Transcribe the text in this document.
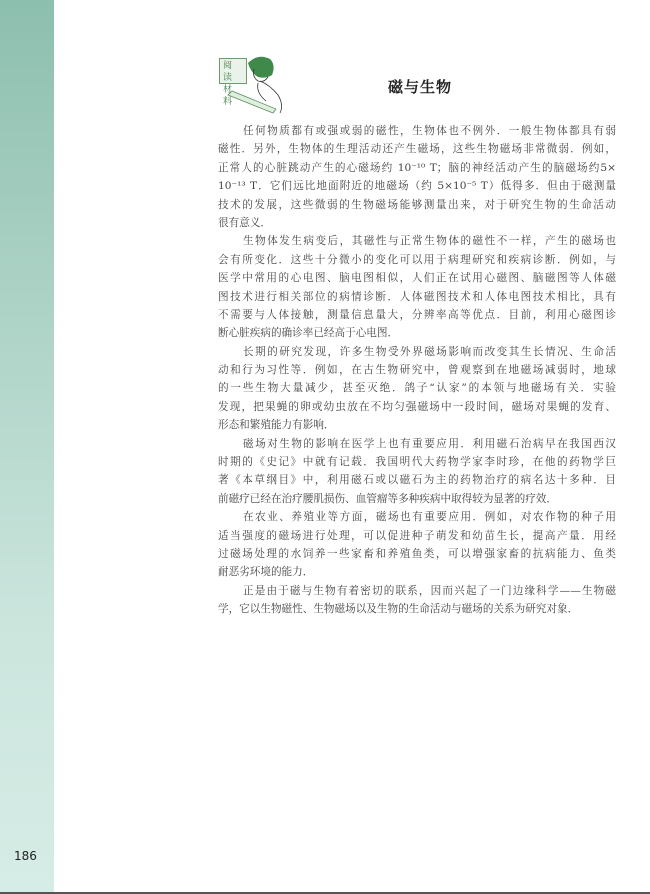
186
阅读材料
磁与生物
任何物质都有或强或弱的磁性，生物体也不例外．一般生物体都具有弱
磁性．另外，生物体的生理活动还产生磁场，这些生物磁场非常微弱．例如，
正常人的心脏跳动产生的心磁场约 10⁻¹⁰ T；脑的神经活动产生的脑磁场约5×
10⁻¹³ T．它们远比地面附近的地磁场（约 5×10⁻⁵ T）低得多．但由于磁测量
技术的发展，这些微弱的生物磁场能够测量出来，对于研究生物的生命活动
很有意义．
生物体发生病变后，其磁性与正常生物体的磁性不一样，产生的磁场也
会有所变化．这些十分微小的变化可以用于病理研究和疾病诊断．例如，与
医学中常用的心电图、脑电图相似，人们正在试用心磁图、脑磁图等人体磁
图技术进行相关部位的病情诊断．人体磁图技术和人体电图技术相比，具有
不需要与人体接触，测量信息量大，分辨率高等优点．目前，利用心磁图诊
断心脏疾病的确诊率已经高于心电图．
长期的研究发现，许多生物受外界磁场影响而改变其生长情况、生命活
动和行为习性等．例如，在古生物研究中，曾观察到在地磁场减弱时，地球
的一些生物大量减少，甚至灭绝．鸽子“认家”的本领与地磁场有关．实验
发现，把果蝇的卵或幼虫放在不均匀强磁场中一段时间，磁场对果蝇的发育、
形态和繁殖能力有影响．
磁场对生物的影响在医学上也有重要应用．利用磁石治病早在我国西汉
时期的《史记》中就有记载．我国明代大药物学家李时珍，在他的药物学巨
著《本草纲目》中，利用磁石或以磁石为主的药物治疗的病名达十多种．目
前磁疗已经在治疗腰肌损伤、血管瘤等多种疾病中取得较为显著的疗效．
在农业、养殖业等方面，磁场也有重要应用．例如，对农作物的种子用
适当强度的磁场进行处理，可以促进种子萌发和幼苗生长，提高产量．用经
过磁场处理的水饲养一些家畜和养殖鱼类，可以增强家畜的抗病能力、鱼类
耐恶劣环境的能力．
正是由于磁与生物有着密切的联系，因而兴起了一门边缘科学——生物磁
学，它以生物磁性、生物磁场以及生物的生命活动与磁场的关系为研究对象．
